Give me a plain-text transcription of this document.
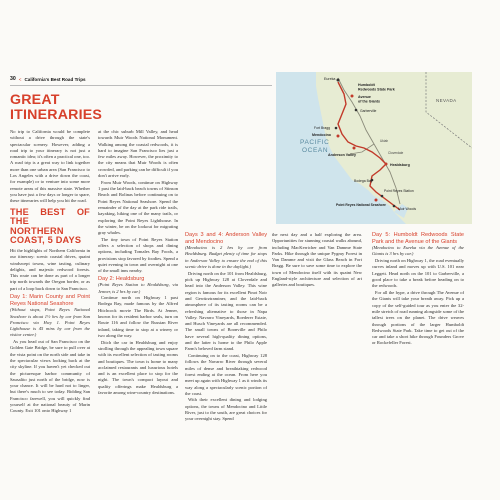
30 < California's Best Road Trips
GREAT
ITINERARIES

No trip to California would be complete without a drive through the state's spectacular scenery. However, adding a road trip to your itinerary is not just a romantic idea; it's often a practical one, too. A road trip is a great way to link together more than one urban area (San Francisco to Los Angeles with a drive down the coast, for example) or to venture into some more remote areas of this massive state. Whether you have just a few days or longer to spare, these itineraries will help you hit the road.

THE BEST OF THE
NORTHERN
COAST, 5 DAYS

Hit the highlights of Northern California in our itinerary: scenic coastal drives, quaint windswept towns, wine tasting, culinary delights, and majestic redwood forests. This route can be done as part of a longer trip north towards the Oregon border, or as part of a loop back down to San Francisco.

Day 1: Marin County and Point Reyes National Seashore

(Without stops, Point Reyes National Seashore is about 1½ hrs by car from San Francisco via Hwy 1. Point Reyes Lighthouse is 45 mins by car from the visitor center.)

As you head out of San Francisco on the Golden Gate Bridge, be sure to pull over at the vista point on the north side and take in the spectacular views looking back at the city skyline. If you haven't yet checked out the picturesque harbor community of Sausalito just north of the bridge, now is your chance. It will be hard not to linger, but there's much to see today. Bidding San Francisco farewell, you will quickly find yourself at the national beauty of Marin County. Exit 101 onto Highway 1

at the chic suburb Mill Valley, and head towards Muir Woods National Monument. Walking among the coastal redwoods, it is hard to imagine San Francisco lies just a few miles away. However, the proximity to the city means that Muir Woods is often crowded, and parking can be difficult if you don't arrive early.

From Muir Woods, continue on Highway 1 past the laid-back beach towns of Stinson Beach and Bolinas before continuing on to Point Reyes National Seashore. Spend the remainder of the day at the park ride trails, kayaking, hiking one of the many trails, or exploring the Point Reyes Lighthouse. In the winter, be on the lookout for migrating gray whales.

The tiny town of Point Reyes Station offers a selection of shops and dining options, including Tomales Bay Foods, a provisions stop favored by foodies. Spend a quiet evening in town and overnight at one of the small inns nearby.

Day 2: Healdsburg

(Point Reyes Station to Healdsburg, via Jenner, is 2 hrs by car.)

Continue north on Highway 1 past Bodega Bay, made famous by the Alfred Hitchcock movie The Birds. At Jenner, known for its resident harbor seals, turn on Route 116 and follow the Russian River inland, taking time to stop at a winery or two along the way.

Ditch the car in Healdsburg and enjoy strolling through the appealing town square with its excellent selection of tasting rooms and boutiques. The town is home to many acclaimed restaurants and luxurious hotels and is an excellent place to stop for the night. The town's compact layout and quality offerings make Healdsburg a favorite among wine-country destinations.

Days 3 and 4: Anderson Valley and Mendocino

(Mendocino is 2 hrs by car from Healdsburg. Budget plenty of time for stops in Anderson Valley to ensure the end of this scenic drive is done in the daylight.)

Driving north on the 101 from Healdsburg, pick up Highway 128 at Cloverdale and head into the Anderson Valley. This wine region is famous for its excellent Pinot Noir and Gewürztraminer, and the laid-back atmosphere of its tasting rooms can be a refreshing alternative to those in Napa Valley. Navarro Vineyards, Roederer Estate, and Husch Vineyards are all recommended. The small towns of Boonville and Philo have several high-quality dining options, and the latter is home to the Philo Apple Farm's beloved farm stand.

Continuing on to the coast, Highway 128 follows the Navarro River through several miles of dense and breathtaking redwood forest ending at the ocean. From here you meet up again with Highway 1 as it winds its way along a spectacularly scenic portion of the coast.

With their excellent dining and lodging options, the towns of Mendocino and Little River, just to the south, are great choices for your overnight stay. Spend

the next day and a half exploring the area. Opportunities for stunning coastal walks abound, including MacKerricher and Van Damme State Parks. Hike through the unique Pygmy Forest in Van Damme and visit the Glass Beach in Fort Bragg. Be sure to save some time to explore the town of Mendocino itself with its quaint New England-style architecture and selection of art galleries and boutiques.

Day 5: Humboldt Redwoods State Park and the Avenue of the Giants

(Mendocino to Eureka via the Avenue of the Giants is 3 hrs by car.)

Driving north on Highway 1, the road eventually curves inland and moves up with U.S. 101 near Leggett. Head north on the 101 to Garberville, a good place to take a break before heading on to the redwoods.

For all the hype, a drive through The Avenue of the Giants will take your breath away. Pick up a copy of the self-guided tour as you enter the 32-mile stretch of road running alongside some of the tallest trees on the planet. The drive weaves through portions of the larger Humboldt Redwoods State Park. Take time to get out of the car and take a short hike through Founders Grove or Rockefeller Forest.

PACIFIC
OCEAN
NEVADA
Eureka
Humboldt
Redwoods State Park
Avenue
of the Giants
Garberville
Fort Bragg
Mendocino
Anderson Valley
Healdsburg
Bodega Bay
Point Reyes Station
Point Reyes National Seashore
Muir Woods
Ukiah
Cloverdale
